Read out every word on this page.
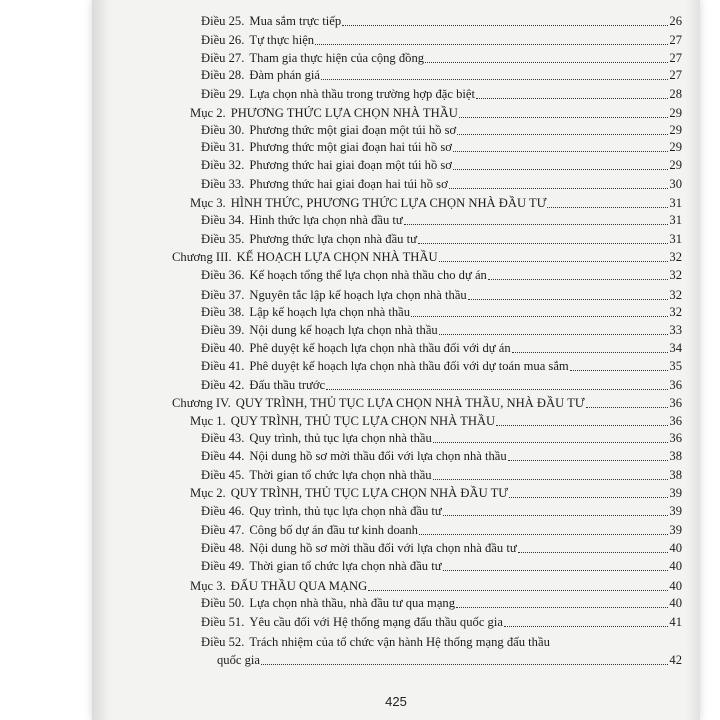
Điều 25. Mua sắm trực tiếp	26
Điều 26. Tự thực hiện	27
Điều 27. Tham gia thực hiện của cộng đồng	27
Điều 28. Đàm phán giá	27
Điều 29. Lựa chọn nhà thầu trong trường hợp đặc biệt	28
Mục 2. PHƯƠNG THỨC LỰA CHỌN NHÀ THẦU	29
Điều 30. Phương thức một giai đoạn một túi hồ sơ	29
Điều 31. Phương thức một giai đoạn hai túi hồ sơ	29
Điều 32. Phương thức hai giai đoạn một túi hồ sơ	29
Điều 33. Phương thức hai giai đoạn hai túi hồ sơ	30
Mục 3. HÌNH THỨC, PHƯƠNG THỨC LỰA CHỌN NHÀ ĐẦU TƯ	31
Điều 34. Hình thức lựa chọn nhà đầu tư	31
Điều 35. Phương thức lựa chọn nhà đầu tư	31
Chương III. KẾ HOẠCH LỰA CHỌN NHÀ THẦU	32
Điều 36. Kế hoạch tổng thể lựa chọn nhà thầu cho dự án	32
Điều 37. Nguyên tắc lập kế hoạch lựa chọn nhà thầu	32
Điều 38. Lập kế hoạch lựa chọn nhà thầu	32
Điều 39. Nội dung kế hoạch lựa chọn nhà thầu	33
Điều 40. Phê duyệt kế hoạch lựa chọn nhà thầu đối với dự án	34
Điều 41. Phê duyệt kế hoạch lựa chọn nhà thầu đối với dự toán mua sắm	35
Điều 42. Đấu thầu trước	36
Chương IV. QUY TRÌNH, THỦ TỤC LỰA CHỌN NHÀ THẦU, NHÀ ĐẦU TƯ	36
Mục 1. QUY TRÌNH, THỦ TỤC LỰA CHỌN NHÀ THẦU	36
Điều 43. Quy trình, thủ tục lựa chọn nhà thầu	36
Điều 44. Nội dung hồ sơ mời thầu đối với lựa chọn nhà thầu	38
Điều 45. Thời gian tổ chức lựa chọn nhà thầu	38
Mục 2. QUY TRÌNH, THỦ TỤC LỰA CHỌN NHÀ ĐẦU TƯ	39
Điều 46. Quy trình, thủ tục lựa chọn nhà đầu tư	39
Điều 47. Công bố dự án đầu tư kinh doanh	39
Điều 48. Nội dung hồ sơ mời thầu đối với lựa chọn nhà đầu tư	40
Điều 49. Thời gian tổ chức lựa chọn nhà đầu tư	40
Mục 3. ĐẤU THẦU QUA MẠNG	40
Điều 50. Lựa chọn nhà thầu, nhà đầu tư qua mạng	40
Điều 51. Yêu cầu đối với Hệ thống mạng đấu thầu quốc gia	41
Điều 52. Trách nhiệm của tổ chức vận hành Hệ thống mạng đấu thầu
quốc gia	42
425
